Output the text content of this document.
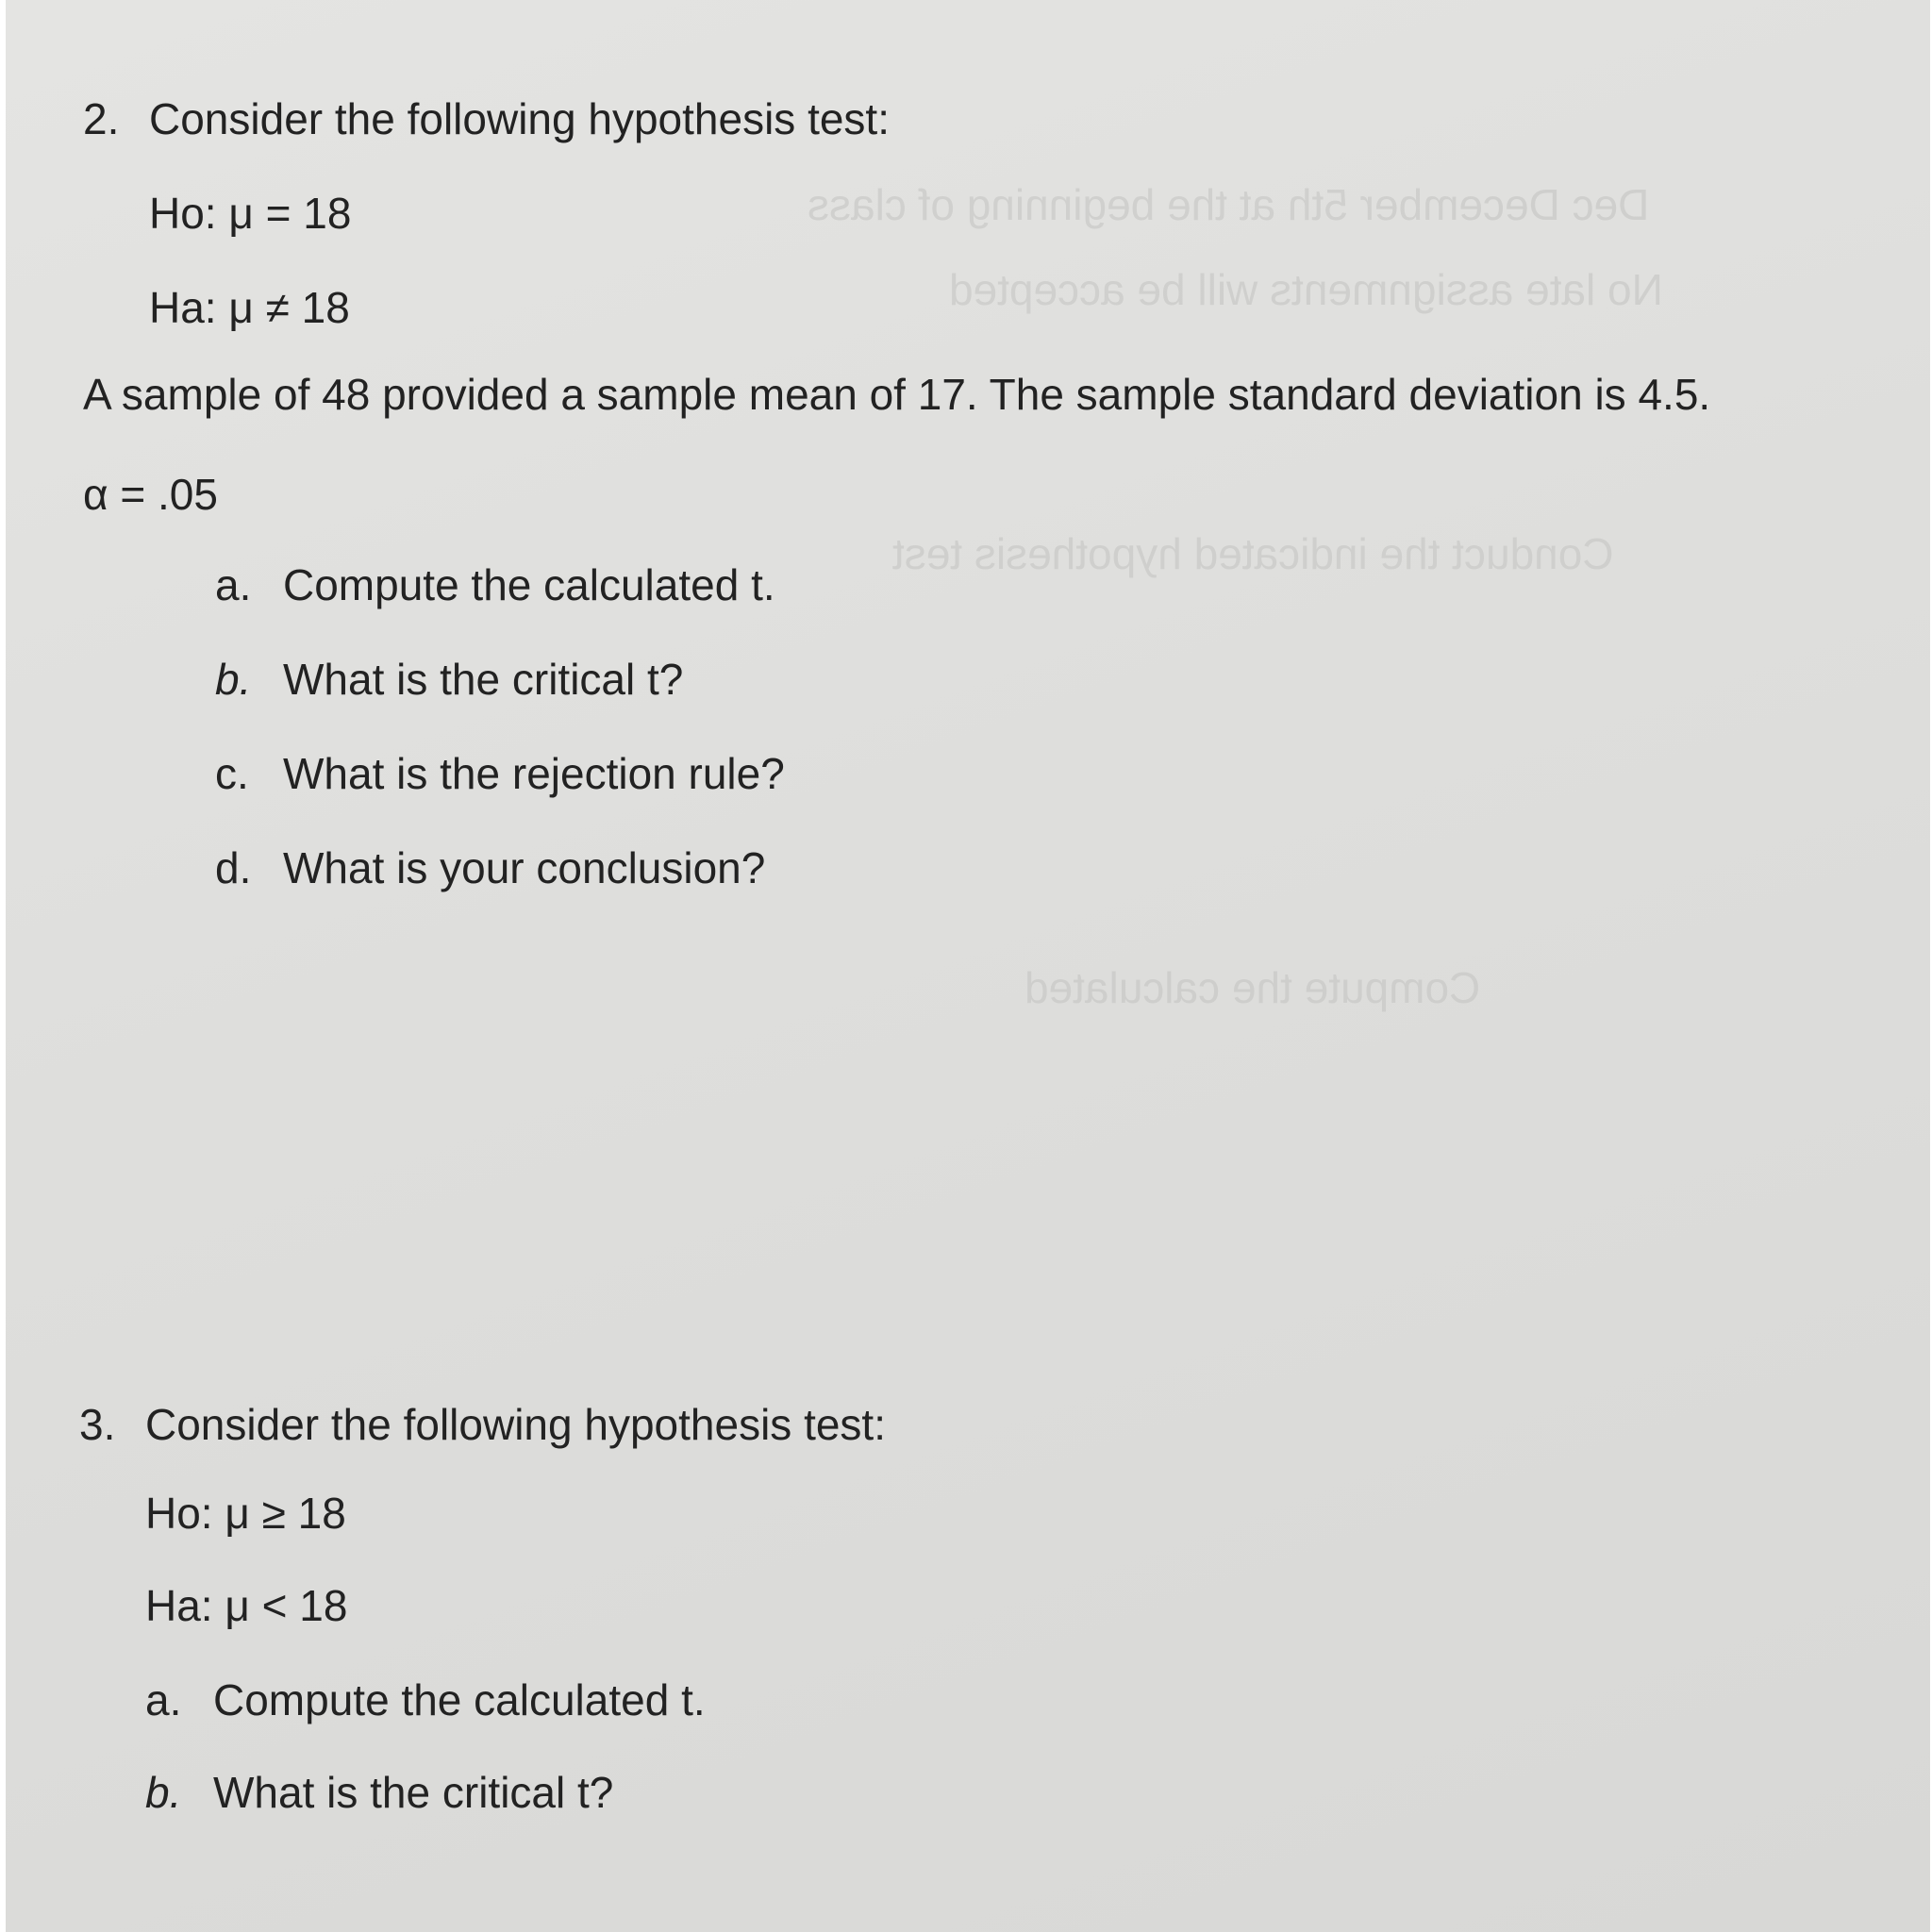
Dec December 5th at the beginning of class
No late assignments will be accepted
Conduct the indicated hypothesis test
Compute the calculated
2. Consider the following hypothesis test:
Ho: μ = 18
Ha: μ ≠ 18
A sample of 48 provided a sample mean of 17. The sample standard deviation is 4.5.
α = .05
a. Compute the calculated t.
b. What is the critical t?
c. What is the rejection rule?
d. What is your conclusion?
3. Consider the following hypothesis test:
Ho: μ ≥ 18
Ha: μ < 18
a. Compute the calculated t.
b. What is the critical t?
